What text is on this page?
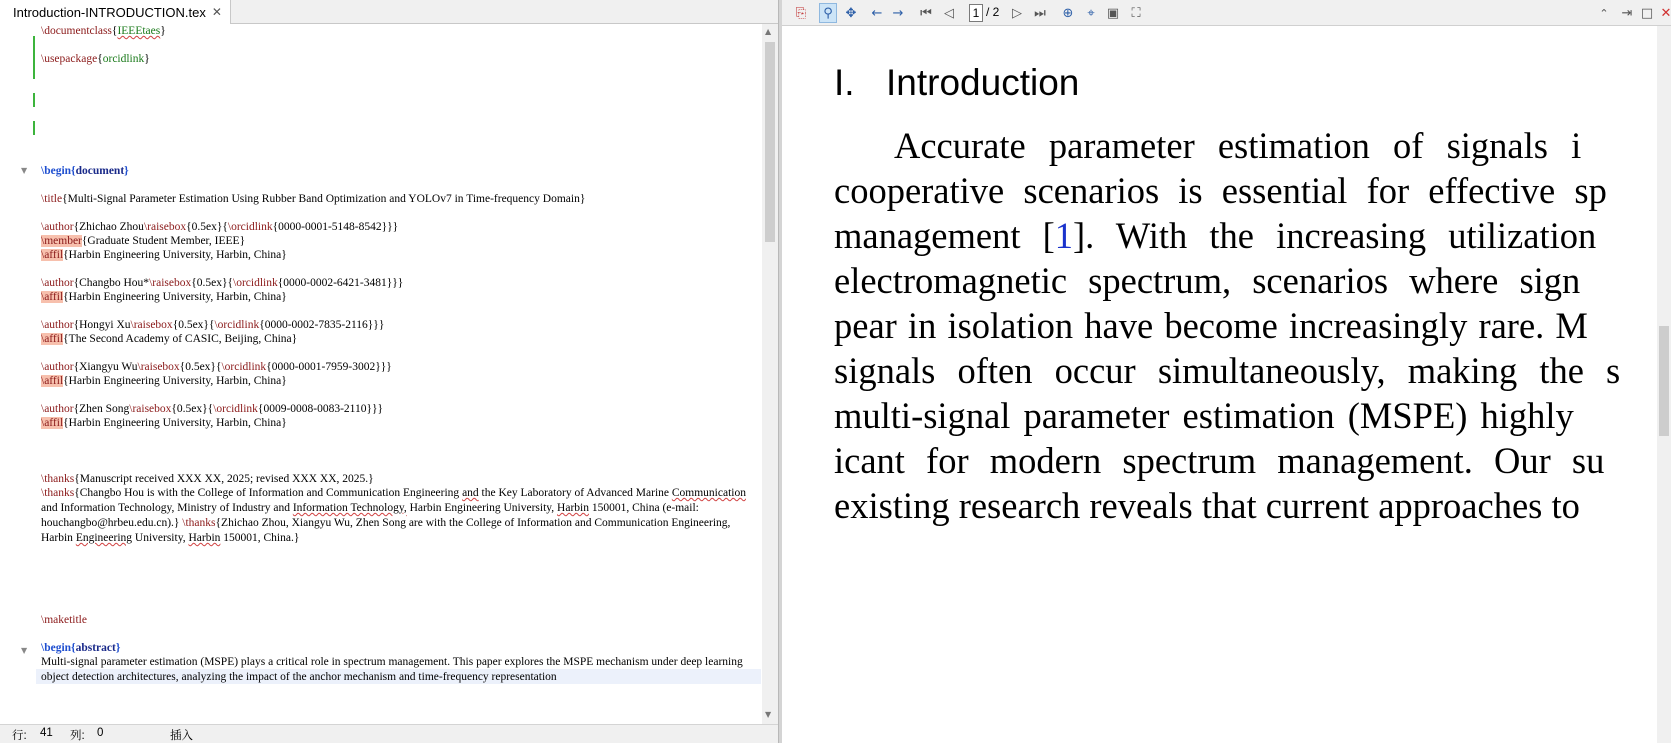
Introduction-INTRODUCTION.tex ✕
▼
▼
\documentclass{IEEEtaes}
\usepackage{orcidlink}
\begin{document}
\title{Multi-Signal Parameter Estimation Using Rubber Band Optimization and YOLOv7 in Time-frequency Domain}
\author{Zhichao Zhou\raisebox{0.5ex}{\orcidlink{0000-0001-5148-8542}}}
\member{Graduate Student Member, IEEE}
\affil{Harbin Engineering University, Harbin, China}
\author{Changbo Hou*\raisebox{0.5ex}{\orcidlink{0000-0002-6421-3481}}}
\affil{Harbin Engineering University, Harbin, China}
\author{Hongyi Xu\raisebox{0.5ex}{\orcidlink{0000-0002-7835-2116}}}
\affil{The Second Academy of CASIC, Beijing, China}
\author{Xiangyu Wu\raisebox{0.5ex}{\orcidlink{0000-0001-7959-3002}}}
\affil{Harbin Engineering University, Harbin, China}
\author{Zhen Song\raisebox{0.5ex}{\orcidlink{0009-0008-0083-2110}}}
\affil{Harbin Engineering University, Harbin, China}
\thanks{Manuscript received XXX XX, 2025; revised XXX XX, 2025.}
\thanks{Changbo Hou is with the College of Information and Communication Engineering and the Key Laboratory of Advanced Marine Communication and Information Technology, Ministry of Industry and Information Technology, Harbin Engineering University, Harbin 150001, China (e-mail: houchangbo@hrbeu.edu.cn).} \thanks{Zhichao Zhou, Xiangyu Wu, Zhen Song are with the College of Information and Communication Engineering, Harbin Engineering University, Harbin 150001, China.}
\maketitle
\begin{abstract}
Multi-signal parameter estimation (MSPE) plays a critical role in spectrum management. This paper explores the MSPE mechanism under deep learning object detection architectures, analyzing the impact of the anchor mechanism and time-frequency representation
▲
▼
行: 41 列: 0	插入
⎘	⚲ ✥ ← → ⏮ ◁	1 / 2 ▷ ⏭ ⊕	⌖ ▣ ⛶	⌃ ⇥ □ ✕
I. Introduction
Accurate parameter estimation of signals i
cooperative scenarios is essential for effective sp
management [1]. With the increasing utilization
electromagnetic spectrum, scenarios where sign
pear in isolation have become increasingly rare. M
signals often occur simultaneously, making the s
multi-signal parameter estimation (MSPE) highly
icant for modern spectrum management. Our su
existing research reveals that current approaches to
